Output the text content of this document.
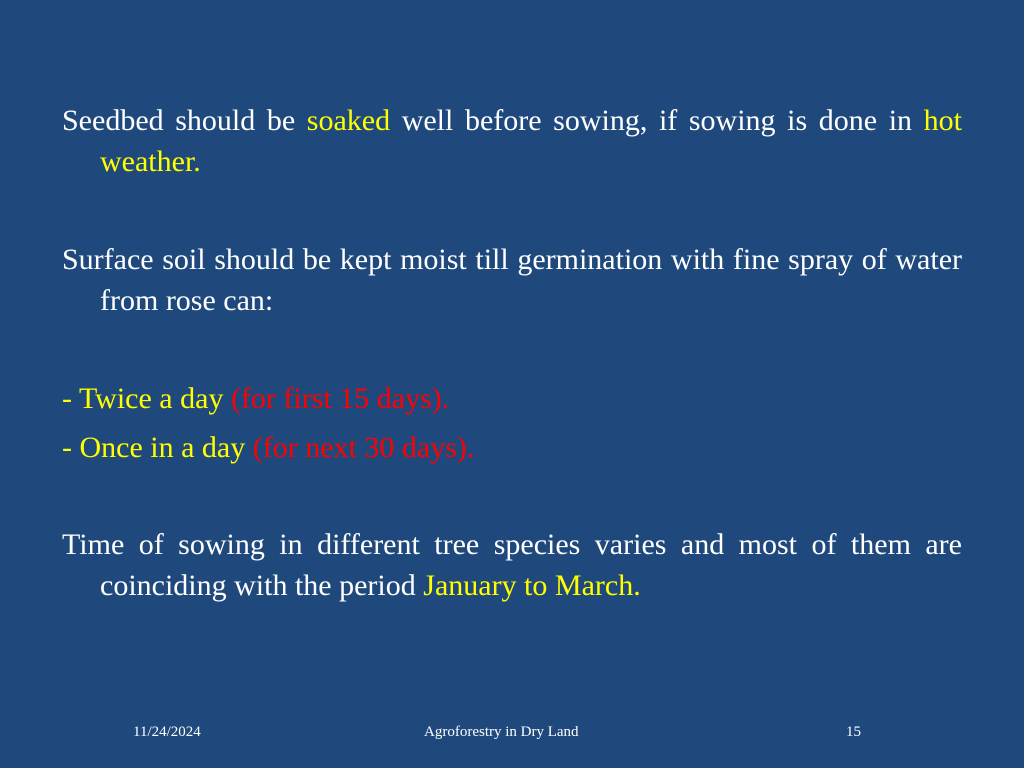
Seedbed should be soaked well before sowing, if sowing is done in hot weather.

Surface soil should be kept moist till germination with fine spray of water from rose can:

- Twice a day (for first 15 days).

- Once in a day (for next 30 days).

Time of sowing in different tree species varies and most of them are coinciding with the period January to March.

11/24/2024	Agroforestry in Dry Land	15
